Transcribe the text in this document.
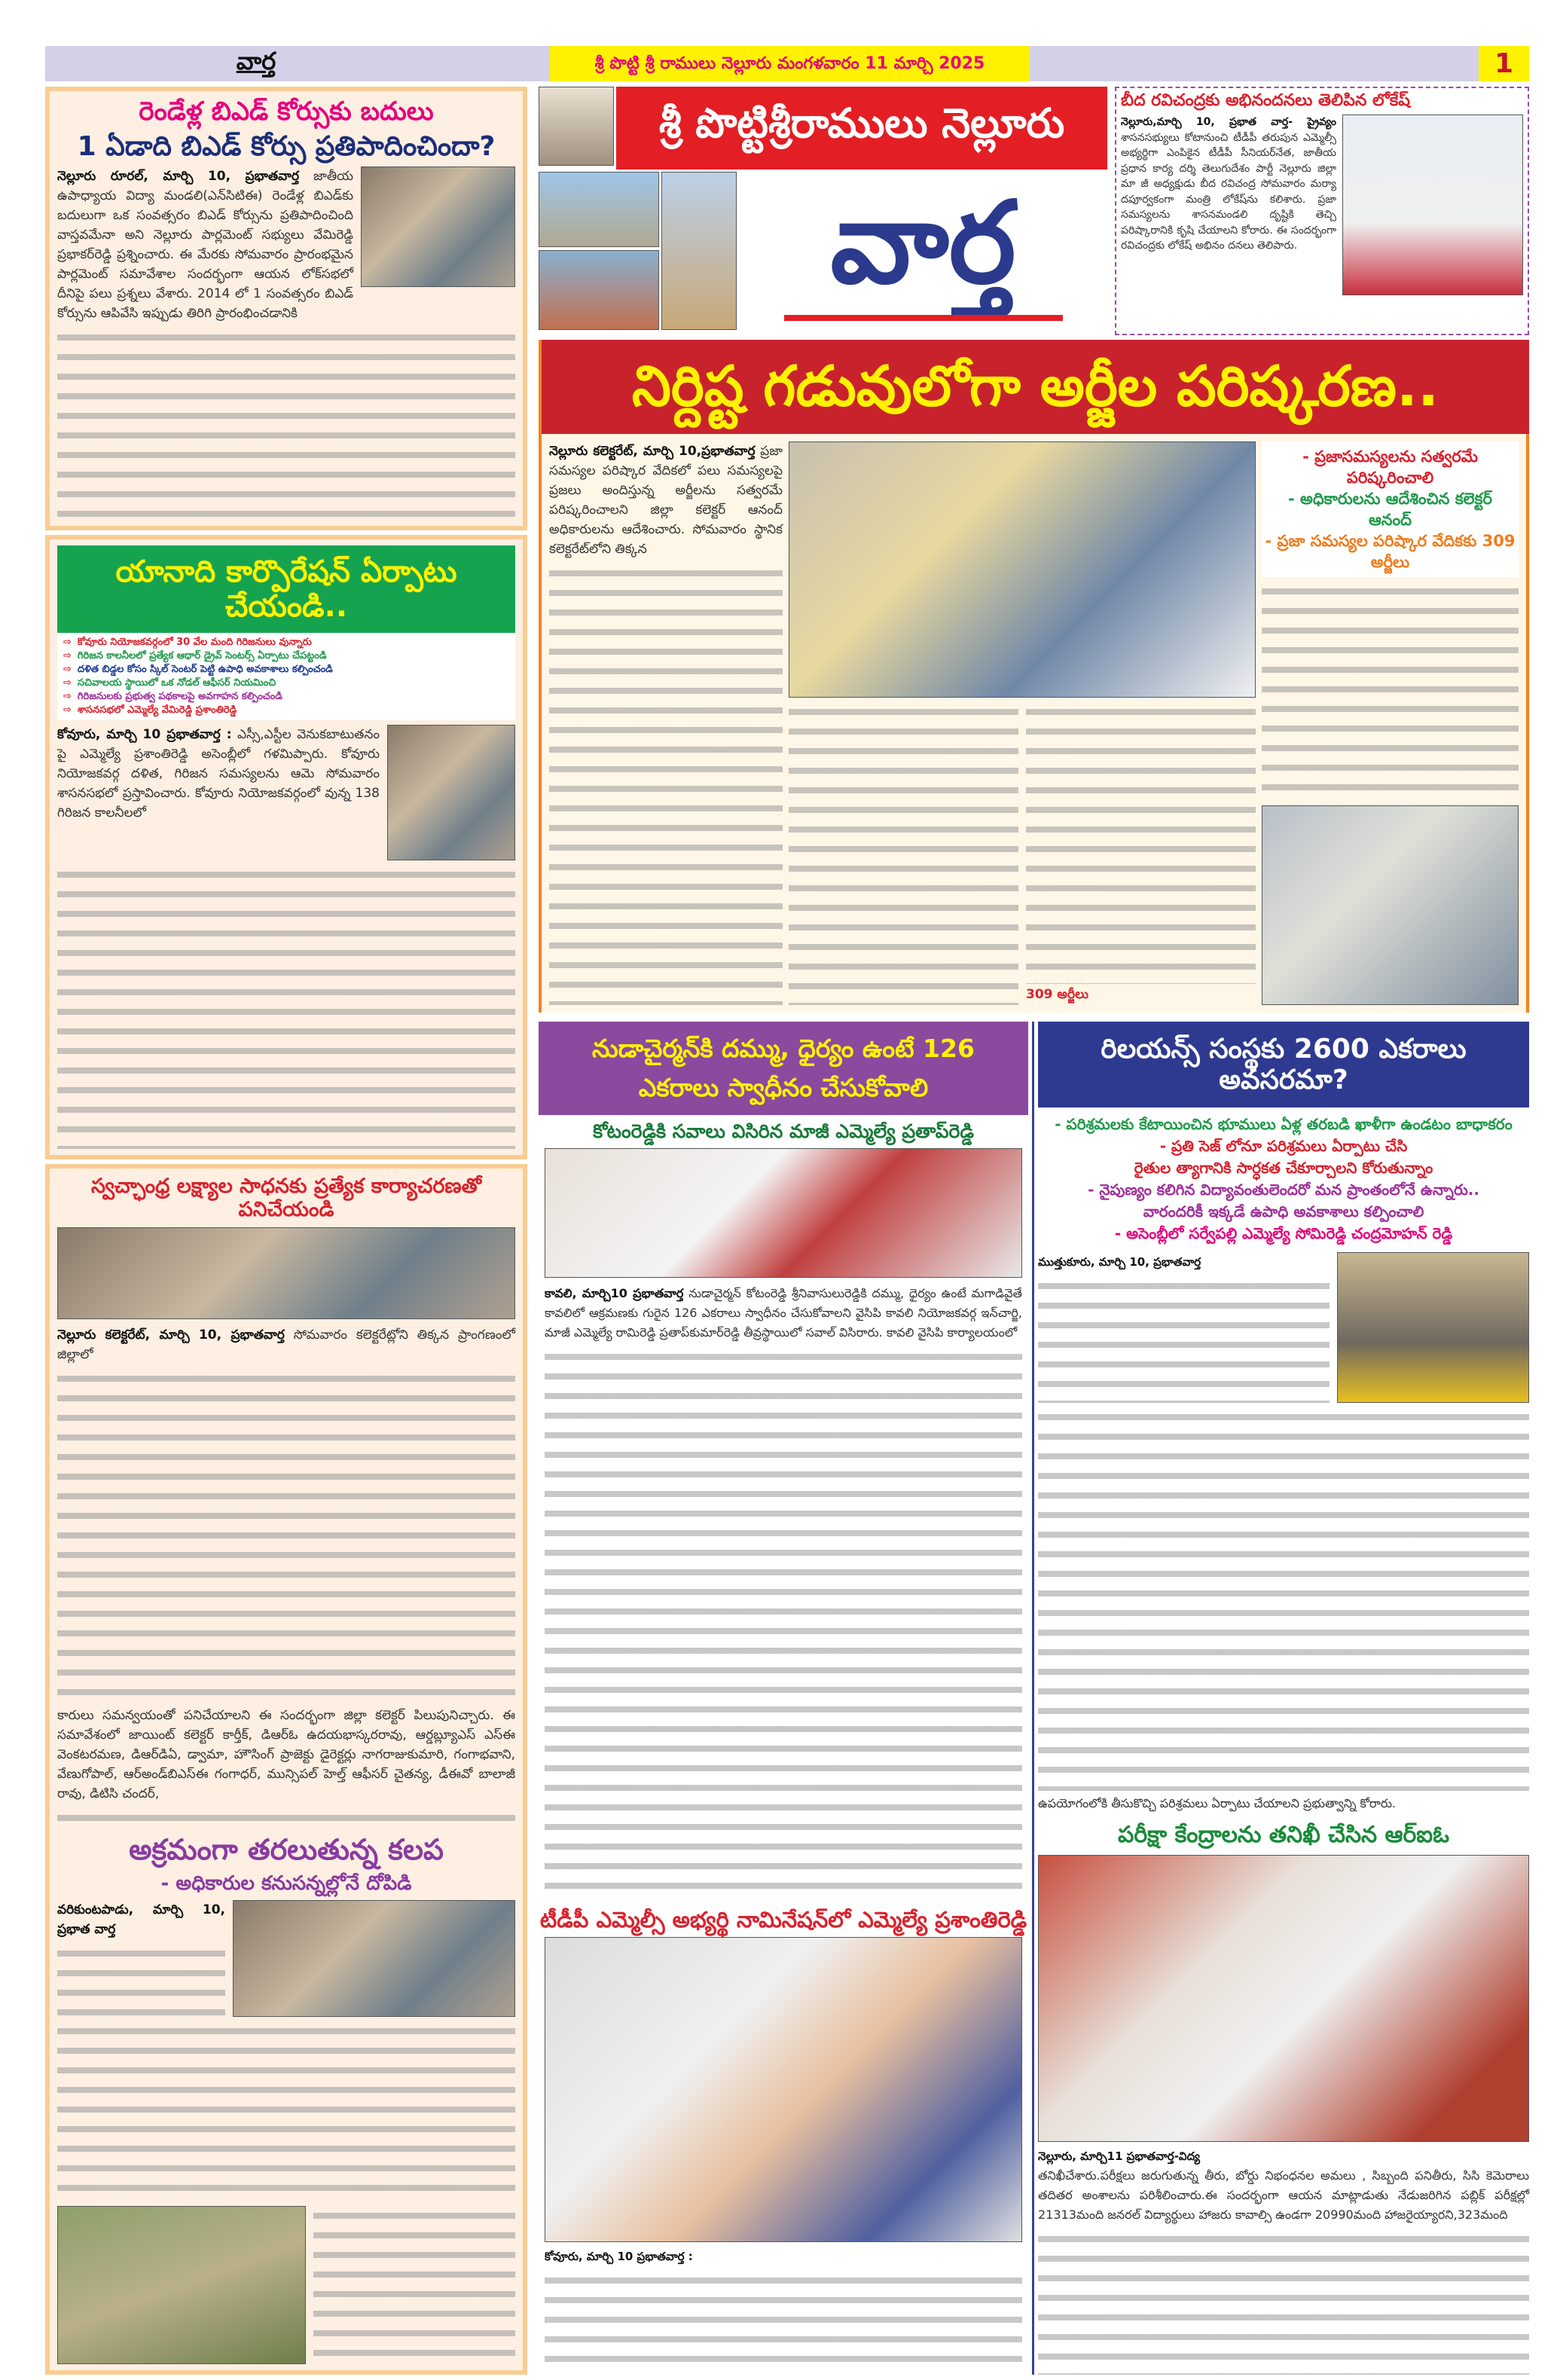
వార్త	శ్రీ పొట్టి శ్రీ రాములు నెల్లూరు మంగళవారం 11 మార్చి 2025	1
రెండేళ్ల బిఎడ్ కోర్సుకు బదులు
1 ఏడాది బిఎడ్ కోర్సు ప్రతిపాదించిందా?
నెల్లూరు రూరల్, మార్చి 10, ప్రభాతవార్త జాతీయ ఉపాధ్యాయ విద్యా మండలి(ఎన్‌సిటిఈ) రెండేళ్ల బిఎడ్‌కు బదులుగా ఒక సంవత్సరం బిఎడ్ కోర్సును ప్రతిపాదించింది వాస్తవమేనా అని నెల్లూరు పార్లమెంట్ సభ్యులు వేమిరెడ్డి ప్రభాకర్‌రెడ్డి ప్రశ్నించారు. ఈ మేరకు సోమవారం ప్రారంభమైన పార్లమెంట్ సమావేశాల సందర్భంగా ఆయన లోక్‌సభలో దీనిపై పలు ప్రశ్నలు వేశారు. 2014 లో 1 సంవత్సరం బిఎడ్ కోర్సును ఆపివేసి ఇప్పుడు తిరిగి ప్రారంభించడానికి
యానాది కార్పొరేషన్ ఏర్పాటు చేయండి..
⇨ కోవూరు నియోజకవర్గంలో 30 వేల మంది గిరిజనులు వున్నారు
⇨ గిరిజన కాలనీలలో ప్రత్యేక ఆధార్ డ్రైవ్ సెంటర్స్ ఏర్పాటు చేపట్టండి
⇨ దళిత బిడ్డల కోసం స్కిల్ సెంటర్ పెట్టి ఉపాధి అవకాశాలు కల్పించండి
⇨ సచివాలయ స్థాయిలో ఒక నోడల్ ఆఫీసర్ నియమించి
⇨ గిరిజనులకు ప్రభుత్వ పథకాలపై అవగాహన కల్పించండి
⇨ శాసనసభలో ఎమ్మెల్యే వేమిరెడ్డి ప్రశాంతిరెడ్డి
కోవూరు, మార్చి 10 ప్రభాతవార్త : ఎస్సీ,ఎస్టీల వెనుకబాటుతనం పై ఎమ్మెల్యే ప్రశాంతిరెడ్డి అసెంబ్లీలో గళమిప్పారు. కోవూరు నియోజకవర్గ దళిత, గిరిజన సమస్యలను ఆమె సోమవారం శాసనసభలో ప్రస్తావించారు. కోవూరు నియోజకవర్గంలో వున్న 138 గిరిజన కాలనీలలో
స్వచ్ఛాంధ్ర లక్ష్యాల సాధనకు ప్రత్యేక కార్యాచరణతో పనిచేయండి
నెల్లూరు కలెక్టరేట్, మార్చి 10, ప్రభాతవార్త సోమవారం కలెక్టరేట్లోని తిక్కన ప్రాంగణంలో జిల్లాలో
కారులు సమన్వయంతో పనిచేయాలని ఈ సందర్భంగా జిల్లా కలెక్టర్ పిలుపునిచ్చారు. ఈ సమావేశంలో జాయింట్ కలెక్టర్ కార్తీక్, డిఆర్ఓ ఉదయభాస్కరరావు, ఆర్డబ్ల్యూఎస్ ఎస్ఈ వెంకటరమణ, డిఆర్‌డిఏ, డ్వామా, హౌసింగ్ ప్రాజెక్టు డైరెక్టర్లు నాగరాజుకుమారి, గంగాభవాని, వేణుగోపాల్, ఆర్అండ్‌బిఎస్ఈ గంగాధర్, మున్సిపల్ హెల్త్ ఆఫీసర్ చైతన్య, డీఈవో బాలాజీ రావు, డిటిసి చందర్,
అక్రమంగా తరలుతున్న కలప
- అధికారుల కనుసన్నల్లోనే దోపిడి
వరికుంటపాడు, మార్చి 10, ప్రభాత వార్త
శ్రీ పొట్టిశ్రీరాములు నెల్లూరు
వార్త
బీద రవిచంద్రకు అభినందనలు తెలిపిన లోకేష్
నెల్లూరు,మార్చి 10, ప్రభాత వార్త- ప్రైవ్యం శాసనసభ్యులు కోటానుంచి టీడీపీ తరుపున ఎమ్మెల్సీ అభ్యర్థిగా ఎంపికైన టీడీపీ సీనియర్‌నేత, జాతీయ ప్రధాన కార్య దర్శి తెలుగుదేశం పార్టీ నెల్లూరు జిల్లా మా జీ అధ్యక్షుడు బీద రవిచంద్ర సోమవారం మర్యా దపూర్వకంగా మంత్రి లోకేష్‌ను కలిశారు. ప్రజా సమస్యలను శాసనమండలి దృష్టికి తెచ్చి పరిష్కారానికి కృషి చేయాలని కోరారు. ఈ సందర్భంగా రవిచంద్రకు లోకేష్ అభినం దనలు తెలిపారు.
నిర్దిష్ట గడువులోగా అర్జీల పరిష్కరణ..
నెల్లూరు కలెక్టరేట్, మార్చి 10,ప్రభాతవార్త ప్రజా సమస్యల పరిష్కార వేదికలో పలు సమస్యలపై ప్రజలు అందిస్తున్న అర్జీలను సత్వరమే పరిష్కరించాలని జిల్లా కలెక్టర్ ఆనంద్ అధికారులను ఆదేశించారు. సోమవారం స్థానిక కలెక్టరేట్‌లోని తిక్కన
309 అర్జీలు
- ప్రజాసమస్యలను సత్వరమే పరిష్కరించాలి
- అధికారులను ఆదేశించిన కలెక్టర్ ఆనంద్
- ప్రజా సమస్యల పరిష్కార వేదికకు 309 అర్జీలు
నుడాచైర్మన్‌కి దమ్ము, ధైర్యం ఉంటే 126 ఎకరాలు స్వాధీనం చేసుకోవాలి
కోటంరెడ్డికి సవాలు విసిరిన మాజీ ఎమ్మెల్యే ప్రతాప్‌రెడ్డి
కావలి, మార్చి10 ప్రభాతవార్త నుడాచైర్మన్ కోటంరెడ్డి శ్రీనివాసులురెడ్డికి దమ్ము, ధైర్యం ఉంటే మగాడివైతే కావలిలో ఆక్రమణకు గురైన 126 ఎకరాలు స్వాధీనం చేసుకోవాలని వైసిపి కావలి నియోజకవర్గ ఇన్‌చార్జి, మాజీ ఎమ్మెల్యే రామిరెడ్డి ప్రతాప్‌కుమార్‌రెడ్డి తీవ్రస్థాయిలో సవాల్ విసిరారు. కావలి వైసిపి కార్యాలయంలో
టీడీపీ ఎమ్మెల్సీ అభ్యర్థి నామినేషన్‌లో ఎమ్మెల్యే ప్రశాంతిరెడ్డి
కోవూరు, మార్చి 10 ప్రభాతవార్త :
రిలయన్స్ సంస్థకు 2600 ఎకరాలు అవసరమా?
- పరిశ్రమలకు కేటాయించిన భూములు ఏళ్ల తరబడి ఖాళీగా ఉండటం బాధాకరం
- ప్రతి సెజ్ లోనూ పరిశ్రమలు ఏర్పాటు చేసి
రైతుల త్యాగానికి సార్ధకత చేకూర్చాలని కోరుతున్నాం
- నైపుణ్యం కలిగిన విద్యావంతులెందరో మన ప్రాంతంలోనే ఉన్నారు..
వారందరికీ ఇక్కడే ఉపాధి అవకాశాలు కల్పించాలి
- అసెంబ్లీలో సర్వేపల్లి ఎమ్మెల్యే సోమిరెడ్డి చంద్రమోహన్ రెడ్డి
ముత్తుకూరు, మార్చి 10, ప్రభాతవార్త
ఉపయోగంలోకి తీసుకొచ్చి పరిశ్రమలు ఏర్పాటు చేయాలని ప్రభుత్వాన్ని కోరారు.
పరీక్షా కేంద్రాలను తనిఖీ చేసిన ఆర్ఐఓ
నెల్లూరు, మార్చి11 ప్రభాతవార్త-విద్య
తనిఖీచేశారు.పరీక్షలు జరుగుతున్న తీరు, బోర్డు నిభంధనల అమలు , సిబ్బంది పనితీరు, సిసి కెమెరాలు తదితర అంశాలను పరిశీలించారు.ఈ సందర్భంగా ఆయన మాట్లాడుతు నేడుజరిగిన పబ్లిక్ పరీక్షల్లో 21313మంది జనరల్ విద్యార్థులు హాజరు కావాల్సి ఉండగా 20990మంది హాజరైయ్యారని,323మంది
